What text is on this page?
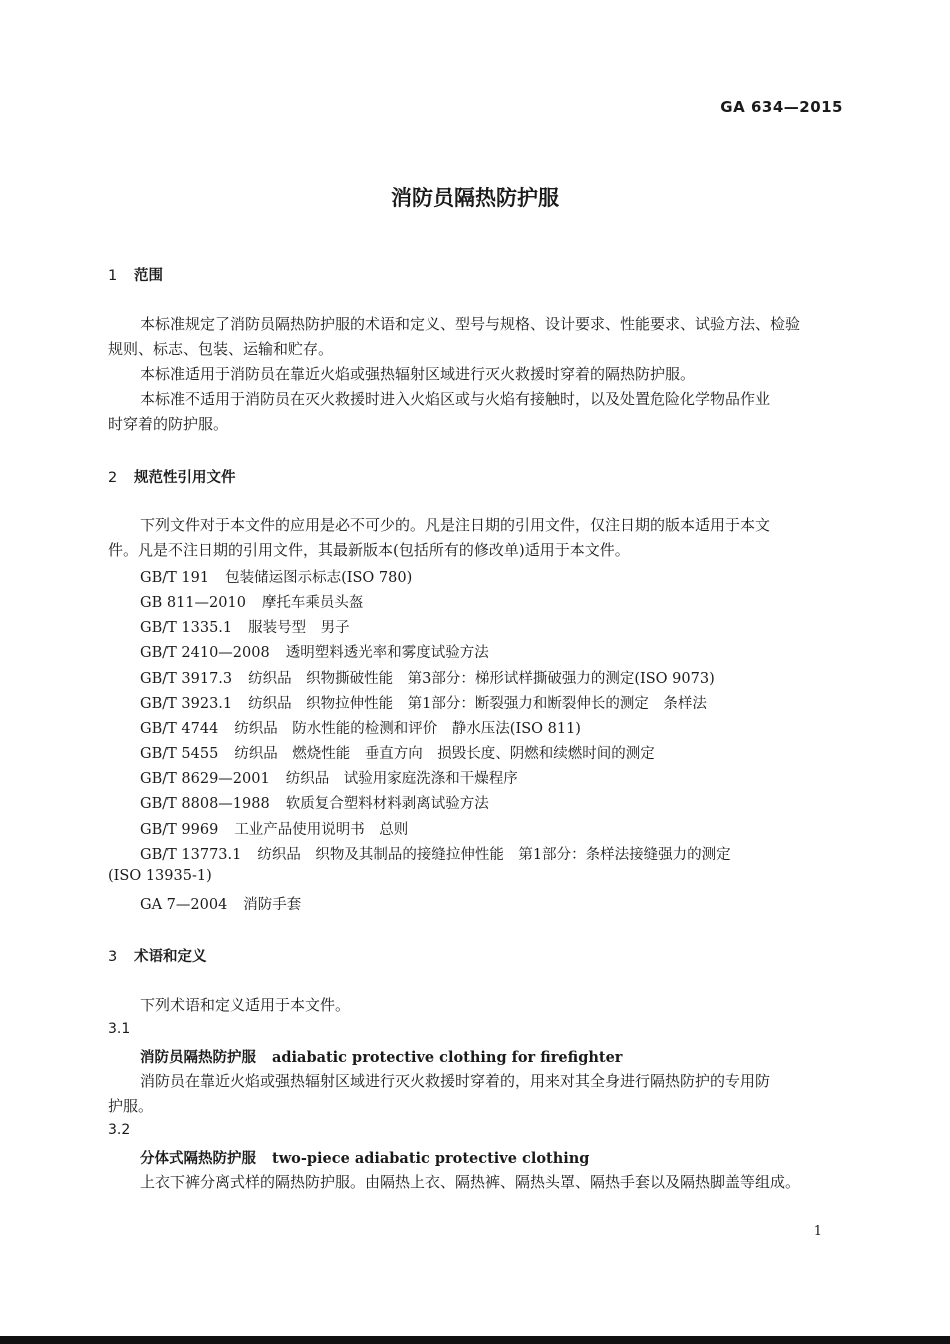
GA 634—2015
消防员隔热防护服
1 范围
本标准规定了消防员隔热防护服的术语和定义、型号与规格、设计要求、性能要求、试验方法、检验
规则、标志、包装、运输和贮存。
本标准适用于消防员在靠近火焰或强热辐射区域进行灭火救援时穿着的隔热防护服。
本标准不适用于消防员在灭火救援时进入火焰区或与火焰有接触时，以及处置危险化学物品作业
时穿着的防护服。
2 规范性引用文件
下列文件对于本文件的应用是必不可少的。凡是注日期的引用文件，仅注日期的版本适用于本文
件。凡是不注日期的引用文件，其最新版本(包括所有的修改单)适用于本文件。
GB/T 191 包装储运图示标志(ISO 780)
GB 811—2010 摩托车乘员头盔
GB/T 1335.1 服装号型　男子
GB/T 2410—2008 透明塑料透光率和雾度试验方法
GB/T 3917.3 纺织品　织物撕破性能　第3部分：梯形试样撕破强力的测定(ISO 9073)
GB/T 3923.1 纺织品　织物拉伸性能　第1部分：断裂强力和断裂伸长的测定　条样法
GB/T 4744 纺织品　防水性能的检测和评价　静水压法(ISO 811)
GB/T 5455 纺织品　燃烧性能　垂直方向　损毁长度、阴燃和续燃时间的测定
GB/T 8629—2001 纺织品　试验用家庭洗涤和干燥程序
GB/T 8808—1988 软质复合塑料材料剥离试验方法
GB/T 9969 工业产品使用说明书　总则
GB/T 13773.1 纺织品　织物及其制品的接缝拉伸性能　第1部分：条样法接缝强力的测定
(ISO 13935-1)
GA 7—2004 消防手套
3 术语和定义
下列术语和定义适用于本文件。
3.1
消防员隔热防护服 adiabatic protective clothing for firefighter
消防员在靠近火焰或强热辐射区域进行灭火救援时穿着的，用来对其全身进行隔热防护的专用防
护服。
3.2
分体式隔热防护服 two-piece adiabatic protective clothing
上衣下裤分离式样的隔热防护服。由隔热上衣、隔热裤、隔热头罩、隔热手套以及隔热脚盖等组成。
1
